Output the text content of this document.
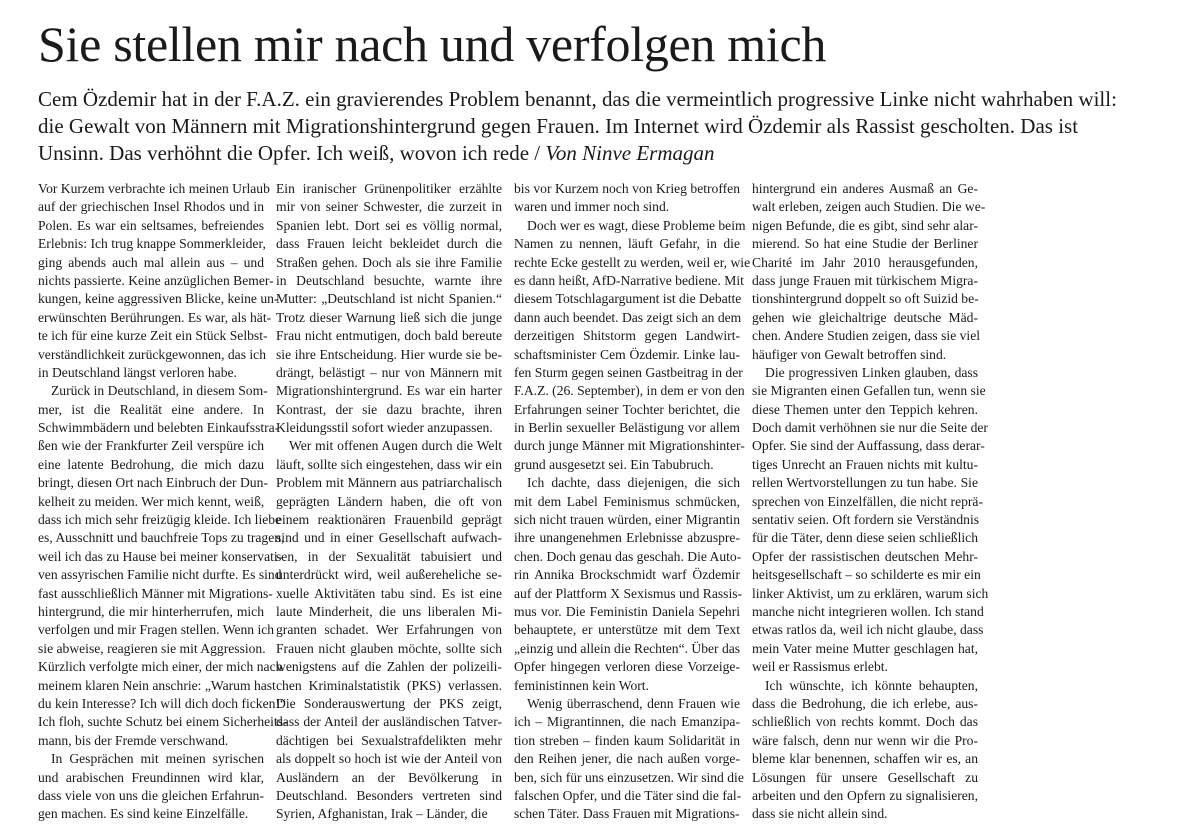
Sie stellen mir nach und verfolgen mich

Cem Özdemir hat in der F.A.Z. ein gravierendes Problem benannt, das die vermeintlich progressive Linke nicht wahrhaben will: die Gewalt von Männern mit Migrationshintergrund gegen Frauen. Im Internet wird Özdemir als Rassist gescholten. Das ist Unsinn. Das verhöhnt die Opfer. Ich weiß, wovon ich rede / Von Ninve Ermagan

Vor Kurzem verbrachte ich meinen Urlaub
auf der griechischen Insel Rhodos und in
Polen. Es war ein seltsames, befreiendes
Erlebnis: Ich trug knappe Sommerkleider,
ging abends auch mal allein aus – und
nichts passierte. Keine anzüglichen Bemer-
kungen, keine aggressiven Blicke, keine un-
erwünschten Berührungen. Es war, als hät-
te ich für eine kurze Zeit ein Stück Selbst-
verständlichkeit zurückgewonnen, das ich
in Deutschland längst verloren habe.
Zurück in Deutschland, in diesem Som-
mer, ist die Realität eine andere. In
Schwimmbädern und belebten Einkaufsstra-
ßen wie der Frankfurter Zeil verspüre ich
eine latente Bedrohung, die mich dazu
bringt, diesen Ort nach Einbruch der Dun-
kelheit zu meiden. Wer mich kennt, weiß,
dass ich mich sehr freizügig kleide. Ich liebe
es, Ausschnitt und bauchfreie Tops zu tragen,
weil ich das zu Hause bei meiner konservati-
ven assyrischen Familie nicht durfte. Es sind
fast ausschließlich Männer mit Migrations-
hintergrund, die mir hinterherrufen, mich
verfolgen und mir Fragen stellen. Wenn ich
sie abweise, reagieren sie mit Aggression.
Kürzlich verfolgte mich einer, der mich nach
meinem klaren Nein anschrie: „Warum hast
du kein Interesse? Ich will dich doch ficken!“
Ich floh, suchte Schutz bei einem Sicherheits-
mann, bis der Fremde verschwand.
In Gesprächen mit meinen syrischen
und arabischen Freundinnen wird klar,
dass viele von uns die gleichen Erfahrun-
gen machen. Es sind keine Einzelfälle.
Ein iranischer Grünenpolitiker erzählte
mir von seiner Schwester, die zurzeit in
Spanien lebt. Dort sei es völlig normal,
dass Frauen leicht bekleidet durch die
Straßen gehen. Doch als sie ihre Familie
in Deutschland besuchte, warnte ihre
Mutter: „Deutschland ist nicht Spanien.“
Trotz dieser Warnung ließ sich die junge
Frau nicht entmutigen, doch bald bereute
sie ihre Entscheidung. Hier wurde sie be-
drängt, belästigt – nur von Männern mit
Migrationshintergrund. Es war ein harter
Kontrast, der sie dazu brachte, ihren
Kleidungsstil sofort wieder anzupassen.
Wer mit offenen Augen durch die Welt
läuft, sollte sich eingestehen, dass wir ein
Problem mit Männern aus patriarchalisch
geprägten Ländern haben, die oft von
einem reaktionären Frauenbild geprägt
sind und in einer Gesellschaft aufwach-
sen, in der Sexualität tabuisiert und
unterdrückt wird, weil außereheliche se-
xuelle Aktivitäten tabu sind. Es ist eine
laute Minderheit, die uns liberalen Mi-
granten schadet. Wer Erfahrungen von
Frauen nicht glauben möchte, sollte sich
wenigstens auf die Zahlen der polizeili-
chen Kriminalstatistik (PKS) verlassen.
Die Sonderauswertung der PKS zeigt,
dass der Anteil der ausländischen Tatver-
dächtigen bei Sexualstrafdelikten mehr
als doppelt so hoch ist wie der Anteil von
Ausländern an der Bevölkerung in
Deutschland. Besonders vertreten sind
Syrien, Afghanistan, Irak – Länder, die
bis vor Kurzem noch von Krieg betroffen
waren und immer noch sind.
Doch wer es wagt, diese Probleme beim
Namen zu nennen, läuft Gefahr, in die
rechte Ecke gestellt zu werden, weil er, wie
es dann heißt, AfD-Narrative bediene. Mit
diesem Totschlagargument ist die Debatte
dann auch beendet. Das zeigt sich an dem
derzeitigen Shitstorm gegen Landwirt-
schaftsminister Cem Özdemir. Linke lau-
fen Sturm gegen seinen Gastbeitrag in der
F.A.Z. (26. September), in dem er von den
Erfahrungen seiner Tochter berichtet, die
in Berlin sexueller Belästigung vor allem
durch junge Männer mit Migrationshinter-
grund ausgesetzt sei. Ein Tabubruch.
Ich dachte, dass diejenigen, die sich
mit dem Label Feminismus schmücken,
sich nicht trauen würden, einer Migrantin
ihre unangenehmen Erlebnisse abzuspre-
chen. Doch genau das geschah. Die Auto-
rin Annika Brockschmidt warf Özdemir
auf der Plattform X Sexismus und Rassis-
mus vor. Die Feministin Daniela Sepehri
behauptete, er unterstütze mit dem Text
„einzig und allein die Rechten“. Über das
Opfer hingegen verloren diese Vorzeige-
feministinnen kein Wort.
Wenig überraschend, denn Frauen wie
ich – Migrantinnen, die nach Emanzipa-
tion streben – finden kaum Solidarität in
den Reihen jener, die nach außen vorge-
ben, sich für uns einzusetzen. Wir sind die
falschen Opfer, und die Täter sind die fal-
schen Täter. Dass Frauen mit Migrations-
hintergrund ein anderes Ausmaß an Ge-
walt erleben, zeigen auch Studien. Die we-
nigen Befunde, die es gibt, sind sehr alar-
mierend. So hat eine Studie der Berliner
Charité im Jahr 2010 herausgefunden,
dass junge Frauen mit türkischem Migra-
tionshintergrund doppelt so oft Suizid be-
gehen wie gleichaltrige deutsche Mäd-
chen. Andere Studien zeigen, dass sie viel
häufiger von Gewalt betroffen sind.
Die progressiven Linken glauben, dass
sie Migranten einen Gefallen tun, wenn sie
diese Themen unter den Teppich kehren.
Doch damit verhöhnen sie nur die Seite der
Opfer. Sie sind der Auffassung, dass derar-
tiges Unrecht an Frauen nichts mit kultu-
rellen Wertvorstellungen zu tun habe. Sie
sprechen von Einzelfällen, die nicht reprä-
sentativ seien. Oft fordern sie Verständnis
für die Täter, denn diese seien schließlich
Opfer der rassistischen deutschen Mehr-
heitsgesellschaft – so schilderte es mir ein
linker Aktivist, um zu erklären, warum sich
manche nicht integrieren wollen. Ich stand
etwas ratlos da, weil ich nicht glaube, dass
mein Vater meine Mutter geschlagen hat,
weil er Rassismus erlebt.
Ich wünschte, ich könnte behaupten,
dass die Bedrohung, die ich erlebe, aus-
schließlich von rechts kommt. Doch das
wäre falsch, denn nur wenn wir die Pro-
bleme klar benennen, schaffen wir es, an
Lösungen für unsere Gesellschaft zu
arbeiten und den Opfern zu signalisieren,
dass sie nicht allein sind.
